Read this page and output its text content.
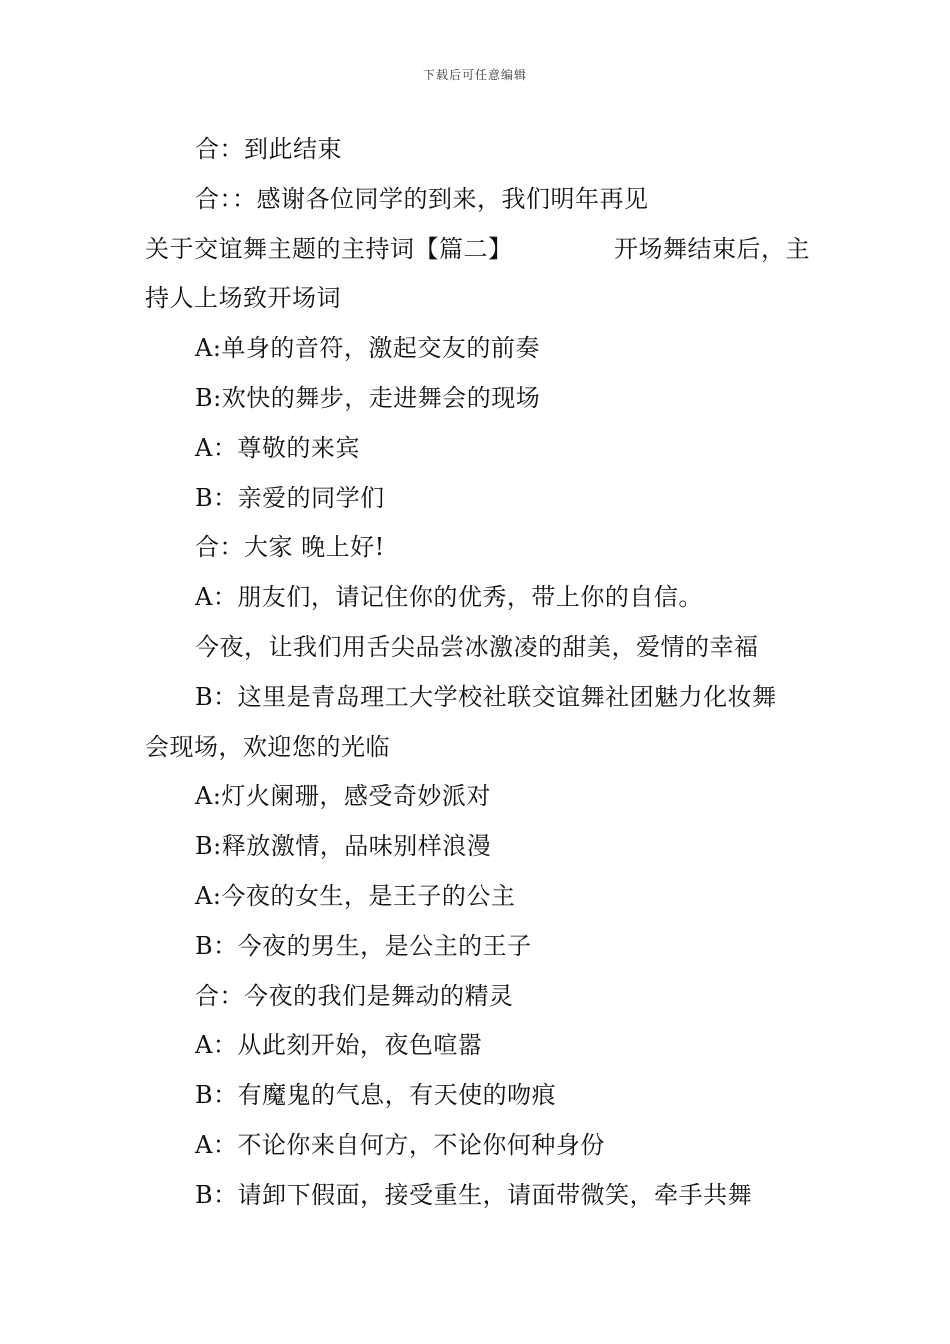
下载后可任意编辑
合：到此结束
合：：感谢各位同学的到来，我们明年再见
关于交谊舞主题的主持词【篇二】	开场舞结束后，主
持人上场致开场词
A:单身的音符，激起交友的前奏
B:欢快的舞步，走进舞会的现场
A：尊敬的来宾
B：亲爱的同学们
合：大家 晚上好!
A：朋友们，请记住你的优秀，带上你的自信。
今夜，让我们用舌尖品尝冰激凌的甜美，爱情的幸福
B：这里是青岛理工大学校社联交谊舞社团魅力化妆舞
会现场，欢迎您的光临
A:灯火阑珊，感受奇妙派对
B:释放激情，品味别样浪漫
A:今夜的女生，是王子的公主
B：今夜的男生，是公主的王子
合：今夜的我们是舞动的精灵
A：从此刻开始，夜色喧嚣
B：有魔鬼的气息，有天使的吻痕
A：不论你来自何方，不论你何种身份
B：请卸下假面，接受重生，请面带微笑，牵手共舞
